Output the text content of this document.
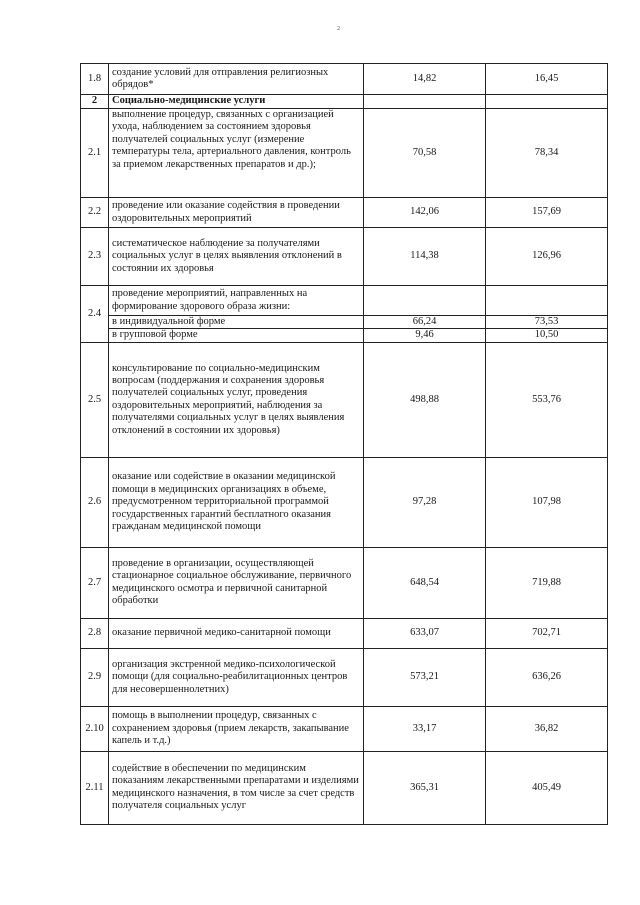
2
1.8	создание условий для отправления религиозных обрядов*	14,82	16,45
2	Социально-медицинские услуги		
2.1	выполнение процедур, связанных с организацией ухода, наблюдением за состоянием здоровья получателей социальных услуг (измерение температуры тела, артериального давления, контроль за приемом лекарственных препаратов и др.);	70,58	78,34
2.2	проведение или оказание содействия в проведении оздоровительных мероприятий	142,06	157,69
2.3	систематическое наблюдение за получателями социальных услуг в целях выявления отклонений в состоянии их здоровья	114,38	126,96
2.4	проведение мероприятий, направленных на формирование здорового образа жизни:		
	в индивидуальной форме	66,24	73,53
	в групповой форме	9,46	10,50
2.5	консультирование по социально-медицинским вопросам (поддержания и сохранения здоровья получателей социальных услуг, проведения оздоровительных мероприятий, наблюдения за получателями социальных услуг в целях выявления отклонений в состоянии их здоровья)	498,88	553,76
2.6	оказание или содействие в оказании медицинской помощи в медицинских организациях в объеме, предусмотренном территориальной программой государственных гарантий бесплатного оказания гражданам медицинской помощи	97,28	107,98
2.7	проведение в организации, осуществляющей стационарное социальное обслуживание, первичного медицинского осмотра и первичной санитарной обработки	648,54	719,88
2.8	оказание первичной медико-санитарной помощи	633,07	702,71
2.9	организация экстренной медико-психологической помощи (для социально-реабилитационных центров для несовершеннолетних)	573,21	636,26
2.10	помощь в выполнении процедур, связанных с сохранением здоровья (прием лекарств, закапывание капель и т.д.)	33,17	36,82
2.11	содействие в обеспечении по медицинским показаниям лекарственными препаратами и изделиями медицинского назначения, в том числе за счет средств получателя социальных услуг	365,31	405,49
